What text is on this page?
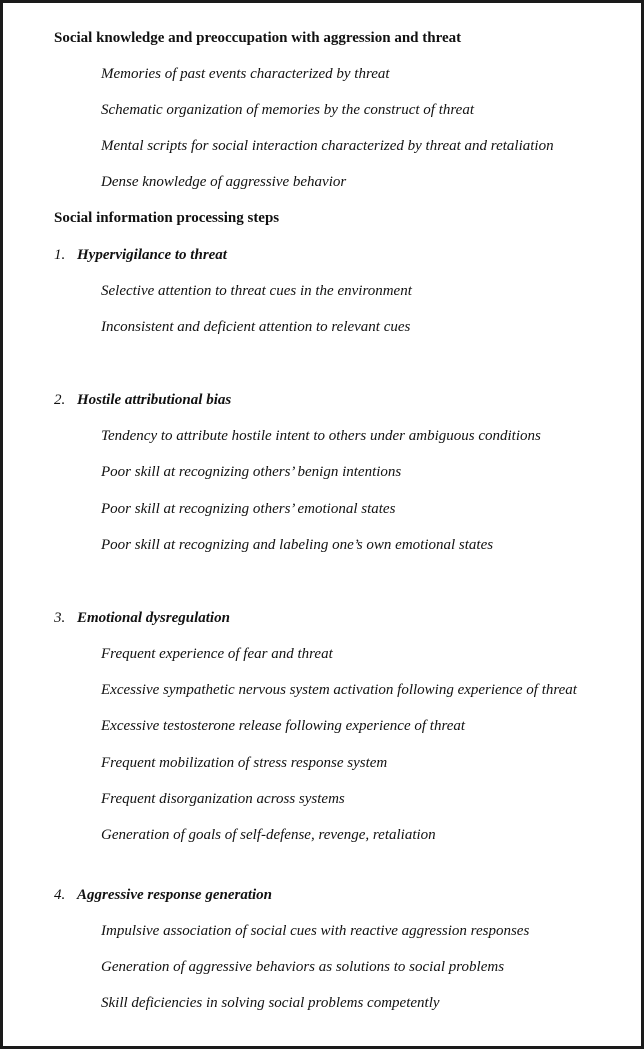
Social knowledge and preoccupation with aggression and threat
Memories of past events characterized by threat
Schematic organization of memories by the construct of threat
Mental scripts for social interaction characterized by threat and retaliation
Dense knowledge of aggressive behavior
Social information processing steps
1. Hypervigilance to threat
Selective attention to threat cues in the environment
Inconsistent and deficient attention to relevant cues
2. Hostile attributional bias
Tendency to attribute hostile intent to others under ambiguous conditions
Poor skill at recognizing others’ benign intentions
Poor skill at recognizing others’ emotional states
Poor skill at recognizing and labeling one’s own emotional states
3. Emotional dysregulation
Frequent experience of fear and threat
Excessive sympathetic nervous system activation following experience of threat
Excessive testosterone release following experience of threat
Frequent mobilization of stress response system
Frequent disorganization across systems
Generation of goals of self-defense, revenge, retaliation
4. Aggressive response generation
Impulsive association of social cues with reactive aggression responses
Generation of aggressive behaviors as solutions to social problems
Skill deficiencies in solving social problems competently
